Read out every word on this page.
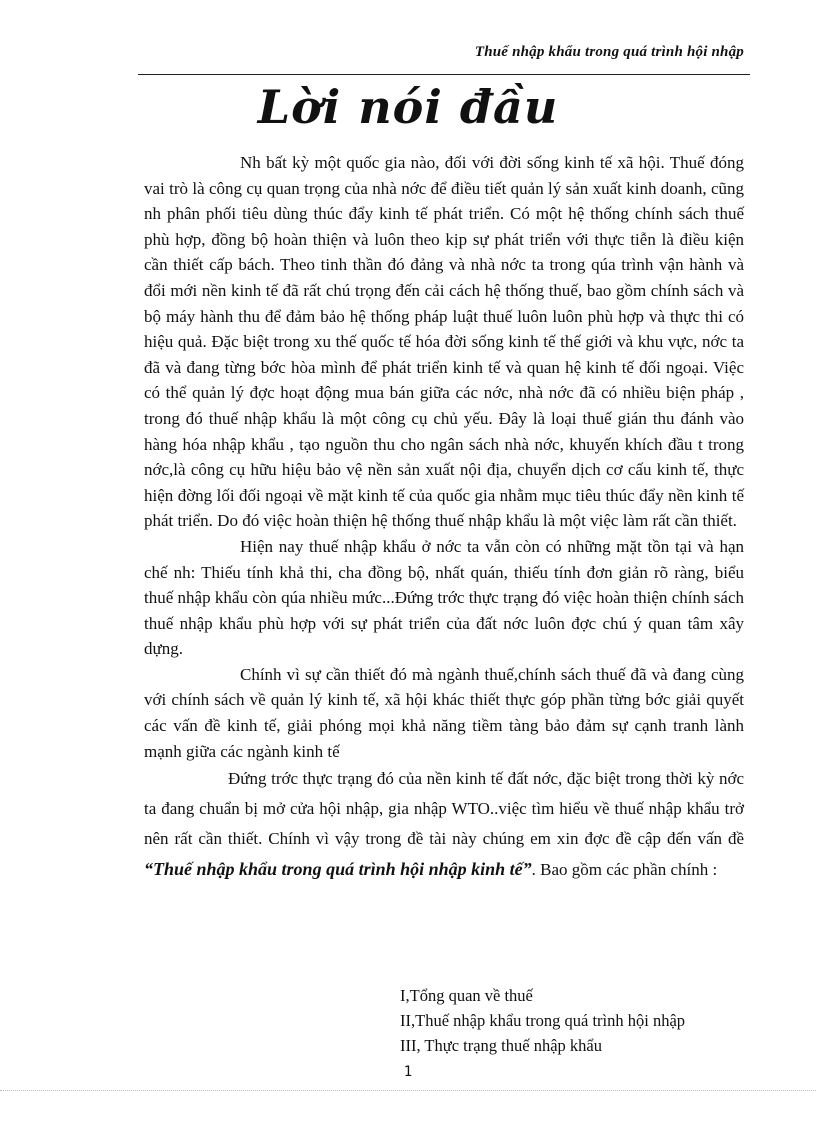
Thuế nhập khẩu trong quá trình hội nhập
Lời nói đầu

Nh bất kỳ một quốc gia nào, đối với đời sống kinh tế xã hội. Thuế đóng vai trò là công cụ quan trọng của nhà nớc để điều tiết quản lý sản xuất kinh doanh, cũng nh phân phối tiêu dùng thúc đẩy kinh tế phát triển. Có một hệ thống chính sách thuế phù hợp, đồng bộ hoàn thiện và luôn theo kịp sự phát triển với thực tiễn là điều kiện cần thiết cấp bách. Theo tinh thần đó đảng và nhà nớc ta trong qúa trình vận hành và đổi mới nền kinh tế đã rất chú trọng đến cải cách hệ thống thuế, bao gồm chính sách và bộ máy hành thu để đảm bảo hệ thống pháp luật thuế luôn luôn phù hợp và thực thi có hiệu quả. Đặc biệt trong xu thế quốc tế hóa đời sống kinh tế thế giới và khu vực, nớc ta đã và đang từng bớc hòa mình để phát triển kinh tế và quan hệ kinh tế đối ngoại. Việc có thể quản lý đợc hoạt động mua bán giữa các nớc, nhà nớc đã có nhiều biện pháp , trong đó thuế nhập khẩu là một công cụ chủ yếu. Đây là loại thuế gián thu đánh vào hàng hóa nhập khẩu , tạo nguồn thu cho ngân sách nhà nớc, khuyến khích đầu t trong nớc,là công cụ hữu hiệu bảo vệ nền sản xuất nội địa, chuyển dịch cơ cấu kinh tế, thực hiện đờng lối đối ngoại về mặt kinh tế của quốc gia nhằm mục tiêu thúc đẩy nền kinh tế phát triển. Do đó việc hoàn thiện hệ thống thuế nhập khẩu là một việc làm rất cần thiết.

Hiện nay thuế nhập khẩu ở nớc ta vẫn còn có những mặt tồn tại và hạn chế nh: Thiếu tính khả thi, cha đồng bộ, nhất quán, thiếu tính đơn giản rõ ràng, biểu thuế nhập khẩu còn qúa nhiều mức...Đứng trớc thực trạng đó việc hoàn thiện chính sách thuế nhập khẩu phù hợp với sự phát triển của đất nớc luôn đợc chú ý quan tâm xây dựng.

Chính vì sự cần thiết đó mà ngành thuế,chính sách thuế đã và đang cùng với chính sách về quản lý kinh tế, xã hội khác thiết thực góp phần từng bớc giải quyết các vấn đề kinh tế, giải phóng mọi khả năng tiềm tàng bảo đảm sự cạnh tranh lành mạnh giữa các ngành kinh tế

Đứng trớc thực trạng đó của nền kinh tế đất nớc, đặc biệt trong thời kỳ nớc ta đang chuẩn bị mở cửa hội nhập, gia nhập WTO..việc tìm hiểu về thuế nhập khẩu trở nên rất cần thiết. Chính vì vậy trong đề tài này chúng em xin đợc đề cập đến vấn đề “Thuế nhập khẩu trong quá trình hội nhập kinh tế”. Bao gồm các phần chính :

I,Tổng quan về thuế
II,Thuế nhập khẩu trong quá trình hội nhập
III, Thực trạng thuế nhập khẩu
1
